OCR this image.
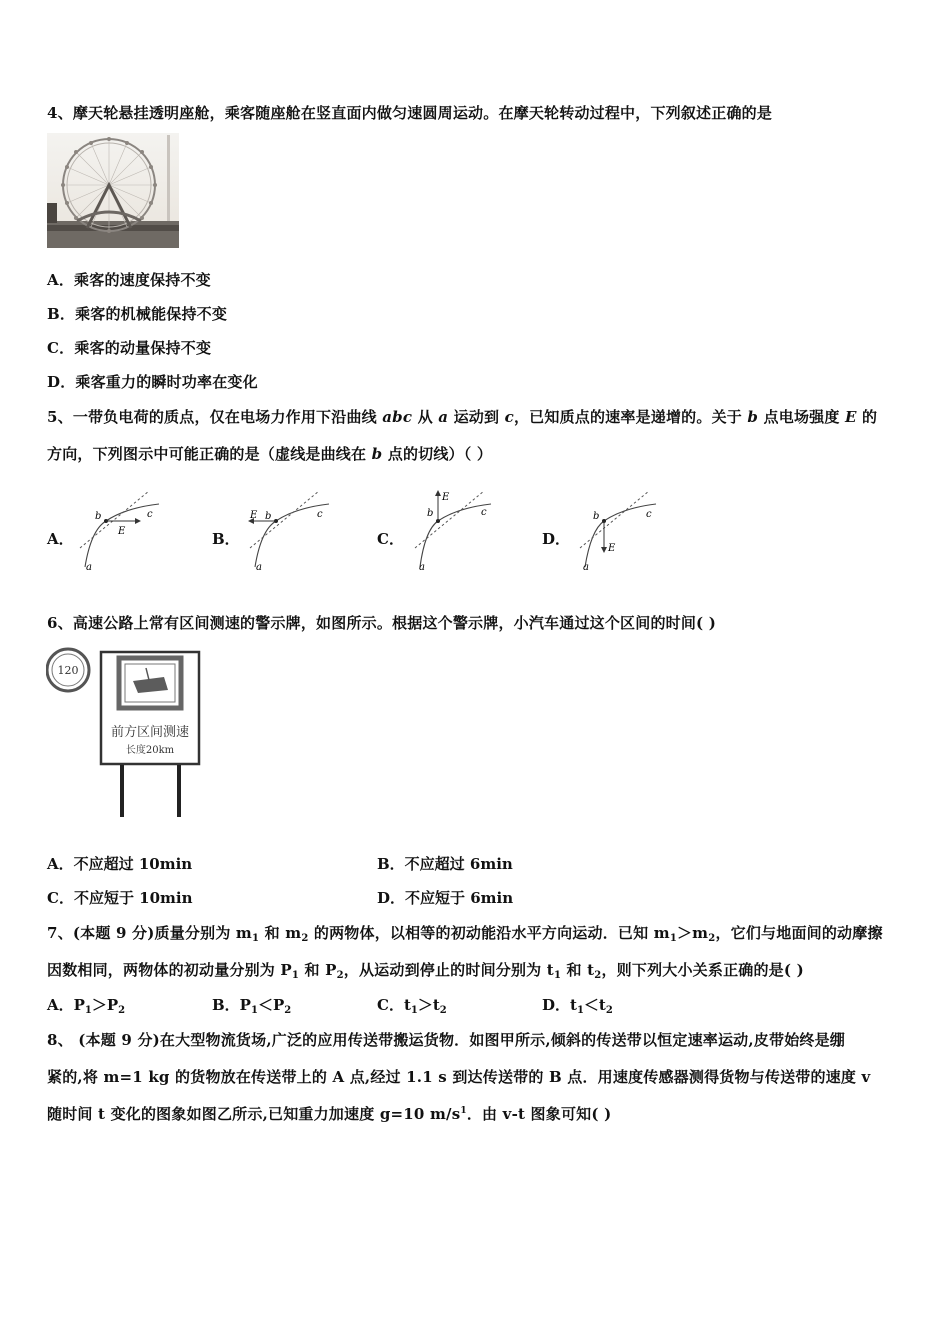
4、摩天轮悬挂透明座舱，乘客随座舱在竖直面内做匀速圆周运动。在摩天轮转动过程中，下列叙述正确的是
A．乘客的速度保持不变
B．乘客的机械能保持不变
C．乘客的动量保持不变
D．乘客重力的瞬时功率在变化
5、一带负电荷的质点，仅在电场力作用下沿曲线 abc 从 a 运动到 c，已知质点的速率是递增的。关于 b 点电场强度 E 的
方向，下列图示中可能正确的是（虚线是曲线在 b 点的切线）（ ）
A．	B．	C．	D．
b
E
c
a
b
E	c
a
b
E
c
a
b
E
c
a
6、高速公路上常有区间测速的警示牌，如图所示。根据这个警示牌，小汽车通过这个区间的时间( )
120
前方区间测速
长度20km
A．不应超过 10min	B．不应超过 6min
C．不应短于 10min	D．不应短于 6min
7、(本题 9 分)质量分别为 $m_1$ 和 $m_2$ 的两物体，以相等的初动能沿水平方向运动．已知 $m_1>m_2$，它们与地面间的动摩擦
因数相同，两物体的初动量分别为 $P_1$ 和 $P_2$，从运动到停止的时间分别为 $t_1$ 和 $t_2$，则下列大小关系正确的是( )
A．$P_1>P_2$	B．$P_1<P_2$	C．$t_1>t_2$	D．$t_1<t_2$
8、 (本题 9 分)在大型物流货场,广泛的应用传送带搬运货物．如图甲所示,倾斜的传送带以恒定速率运动,皮带始终是绷
紧的,将 m=1 kg 的货物放在传送带上的 A 点,经过 1.1 s 到达传送带的 B 点．用速度传感器测得货物与传送带的速度 v
随时间 t 变化的图象如图乙所示,已知重力加速度 g=10 $m/s^1$．由 v-t 图象可知( )
